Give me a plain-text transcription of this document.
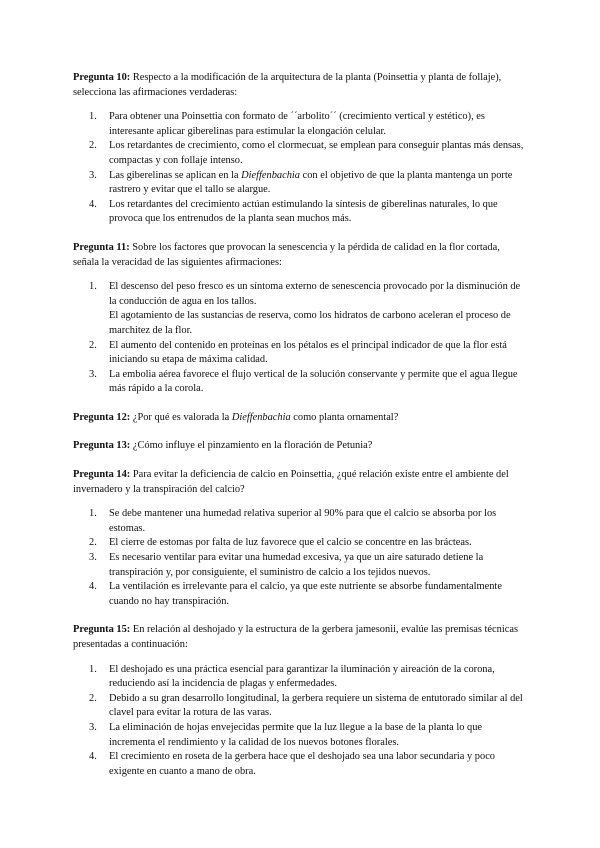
Pregunta 10: Respecto a la modificación de la arquitectura de la planta (Poinsettia y planta de follaje), selecciona las afirmaciones verdaderas:

1. Para obtener una Poinsettia con formato de ´´arbolito´´ (crecimiento vertical y estético), es interesante aplicar giberelinas para estimular la elongación celular.
2. Los retardantes de crecimiento, como el clormecuat, se emplean para conseguir plantas más densas, compactas y con follaje intenso.
3. Las giberelinas se aplican en la Dieffenbachia con el objetivo de que la planta mantenga un porte rastrero y evitar que el tallo se alargue.
4. Los retardantes del crecimiento actúan estimulando la síntesis de giberelinas naturales, lo que provoca que los entrenudos de la planta sean muchos más.

Pregunta 11: Sobre los factores que provocan la senescencia y la pérdida de calidad en la flor cortada, señala la veracidad de las siguientes afirmaciones:

1. El descenso del peso fresco es un síntoma externo de senescencia provocado por la disminución de la conducción de agua en los tallos.
El agotamiento de las sustancias de reserva, como los hidratos de carbono aceleran el proceso de marchitez de la flor.
2. El aumento del contenido en proteínas en los pétalos es el principal indicador de que la flor está iniciando su etapa de máxima calidad.
3. La embolia aérea favorece el flujo vertical de la solución conservante y permite que el agua llegue más rápido a la corola.

Pregunta 12: ¿Por qué es valorada la Dieffenbachia como planta ornamental?

Pregunta 13: ¿Cómo influye el pinzamiento en la floración de Petunia?

Pregunta 14: Para evitar la deficiencia de calcio en Poinsettia, ¿qué relación existe entre el ambiente del invernadero y la transpiración del calcio?

1. Se debe mantener una humedad relativa superior al 90% para que el calcio se absorba por los estomas.
2. El cierre de estomas por falta de luz favorece que el calcio se concentre en las brácteas.
3. Es necesario ventilar para evitar una humedad excesiva, ya que un aire saturado detiene la transpiración y, por consiguiente, el suministro de calcio a los tejidos nuevos.
4. La ventilación es irrelevante para el calcio, ya que este nutriente se absorbe fundamentalmente cuando no hay transpiración.

Pregunta 15: En relación al deshojado y la estructura de la gerbera jamesonii, evalúe las premisas técnicas presentadas a continuación:

1. El deshojado es una práctica esencial para garantizar la iluminación y aireación de la corona, reduciendo así la incidencia de plagas y enfermedades.
2. Debido a su gran desarrollo longitudinal, la gerbera requiere un sistema de entutorado similar al del clavel para evitar la rotura de las varas.
3. La eliminación de hojas envejecidas permite que la luz llegue a la base de la planta lo que incrementa el rendimiento y la calidad de los nuevos botones florales.
4. El crecimiento en roseta de la gerbera hace que el deshojado sea una labor secundaria y poco exigente en cuanto a mano de obra.
